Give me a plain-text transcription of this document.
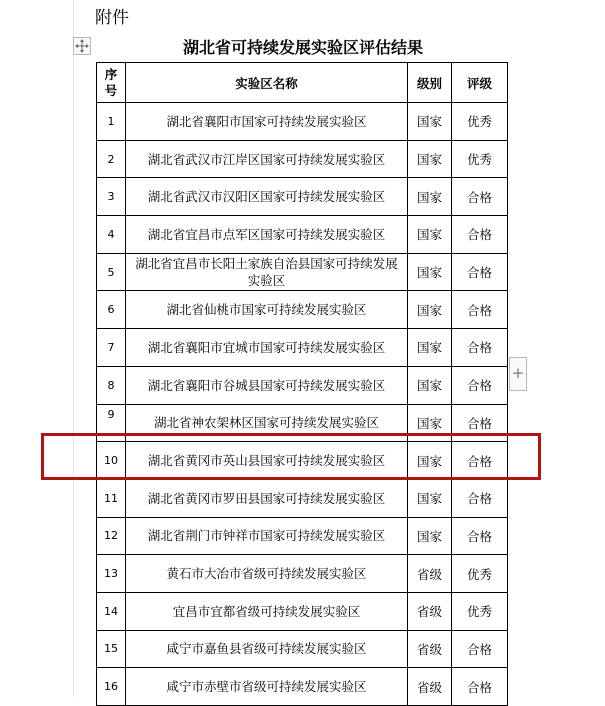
附件
湖北省可持续发展实验区评估结果
序号	实验区名称	级别	评级
1	湖北省襄阳市国家可持续发展实验区	国家	优秀
2	湖北省武汉市江岸区国家可持续发展实验区	国家	优秀
3	湖北省武汉市汉阳区国家可持续发展实验区	国家	合格
4	湖北省宜昌市点军区国家可持续发展实验区	国家	合格
5	湖北省宜昌市长阳土家族自治县国家可持续发展实验区	国家	合格
6	湖北省仙桃市国家可持续发展实验区	国家	合格
7	湖北省襄阳市宜城市国家可持续发展实验区	国家	合格
8	湖北省襄阳市谷城县国家可持续发展实验区	国家	合格
9	湖北省神农架林区国家可持续发展实验区	国家	合格
10	湖北省黄冈市英山县国家可持续发展实验区	国家	合格
11	湖北省黄冈市罗田县国家可持续发展实验区	国家	合格
12	湖北省荆门市钟祥市国家可持续发展实验区	国家	合格
13	黄石市大冶市省级可持续发展实验区	省级	优秀
14	宜昌市宜都省级可持续发展实验区	省级	优秀
15	咸宁市嘉鱼县省级可持续发展实验区	省级	合格
16	咸宁市赤壁市省级可持续发展实验区	省级	合格
+
